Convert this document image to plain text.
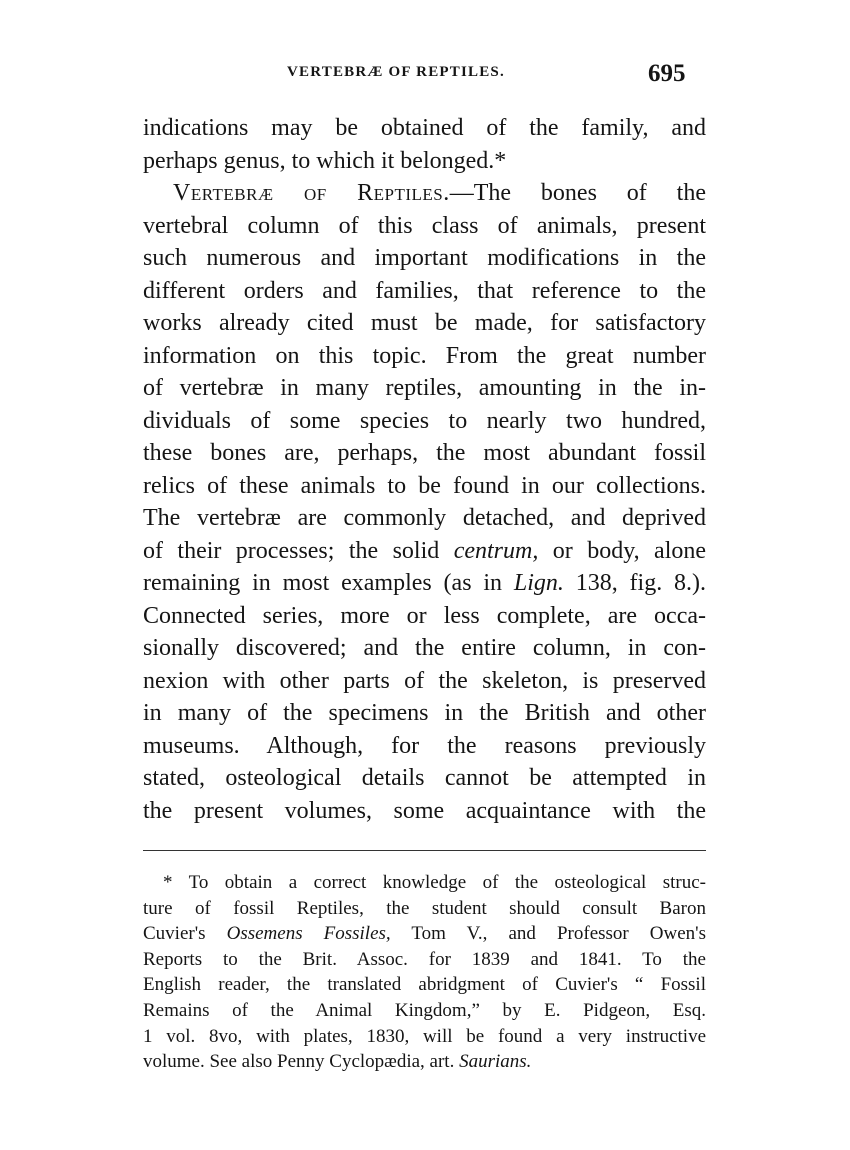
VERTEBRÆ OF REPTILES.	695
indications may be obtained of the family, and
perhaps genus, to which it belonged.*
Vertebræ of Reptiles.—The bones of the
vertebral column of this class of animals, present
such numerous and important modifications in the
different orders and families, that reference to the
works already cited must be made, for satisfactory
information on this topic. From the great number
of vertebræ in many reptiles, amounting in the in-
dividuals of some species to nearly two hundred,
these bones are, perhaps, the most abundant fossil
relics of these animals to be found in our collections.
The vertebræ are commonly detached, and deprived
of their processes; the solid centrum, or body, alone
remaining in most examples (as in Lign. 138, fig. 8.).
Connected series, more or less complete, are occa-
sionally discovered; and the entire column, in con-
nexion with other parts of the skeleton, is preserved
in many of the specimens in the British and other
museums. Although, for the reasons previously
stated, osteological details cannot be attempted in
the present volumes, some acquaintance with the
* To obtain a correct knowledge of the osteological struc-
ture of fossil Reptiles, the student should consult Baron
Cuvier's Ossemens Fossiles, Tom V., and Professor Owen's
Reports to the Brit. Assoc. for 1839 and 1841. To the
English reader, the translated abridgment of Cuvier's “ Fossil
Remains of the Animal Kingdom,” by E. Pidgeon, Esq.
1 vol. 8vo, with plates, 1830, will be found a very instructive
volume. See also Penny Cyclopædia, art. Saurians.
